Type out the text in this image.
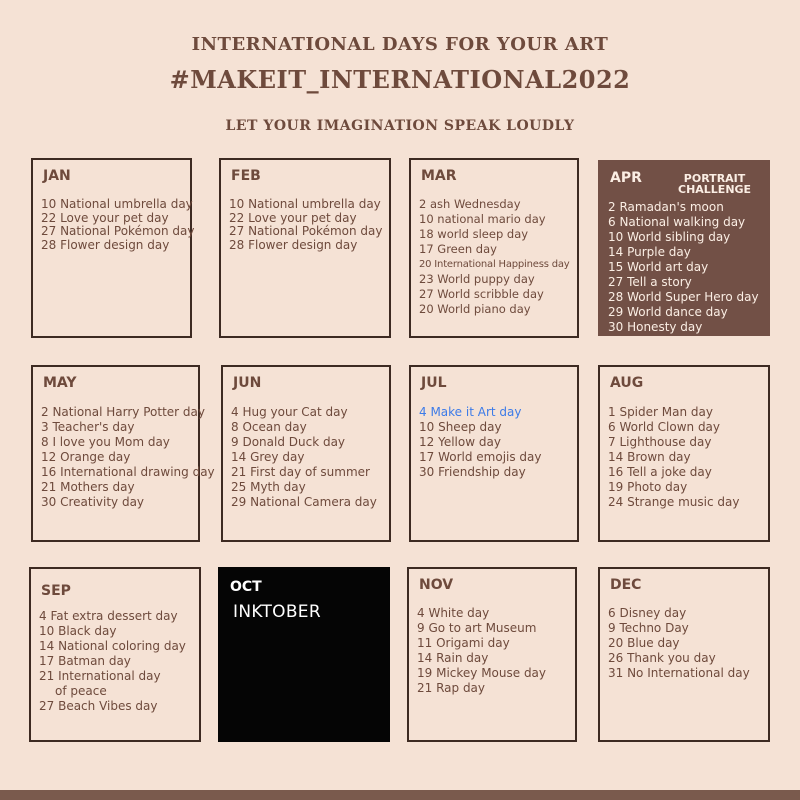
INTERNATIONAL DAYS FOR YOUR ART
#MAKEIT_INTERNATIONAL2022
LET YOUR IMAGINATION SPEAK LOUDLY
JAN
10 National umbrella day
22 Love your pet day
27 National Pokémon day
28 Flower design day
FEB
10 National umbrella day
22 Love your pet day
27 National Pokémon day
28 Flower design day
MAR
2 ash Wednesday
10 national mario day
18 world sleep day
17 Green day
20 International Happiness day
23 World puppy day
27 World scribble day
20 World piano day
APR	PORTRAIT
CHALLENGE
2 Ramadan's moon
6 National walking day
10 World sibling day
14 Purple day
15 World art day
27 Tell a story
28 World Super Hero day
29 World dance day
30 Honesty day
MAY
2 National Harry Potter day
3 Teacher's day
8 I love you Mom day
12 Orange day
16 International drawing day
21 Mothers day
30 Creativity day
JUN
4 Hug your Cat day
8 Ocean day
9 Donald Duck day
14 Grey day
21 First day of summer
25 Myth day
29 National Camera day
JUL
4 Make it Art day
10 Sheep day
12 Yellow day
17 World emojis day
30 Friendship day
AUG
1 Spider Man day
6 World Clown day
7 Lighthouse day
14 Brown day
16 Tell a joke day
19 Photo day
24 Strange music day
SEP
4 Fat extra dessert day
10 Black day
14 National coloring day
17 Batman day
21 International day
of peace
27 Beach Vibes day
OCT
INKTOBER
NOV
4 White day
9 Go to art Museum
11 Origami day
14 Rain day
19 Mickey Mouse day
21 Rap day
DEC
6 Disney day
9 Techno Day
20 Blue day
26 Thank you day
31 No International day
